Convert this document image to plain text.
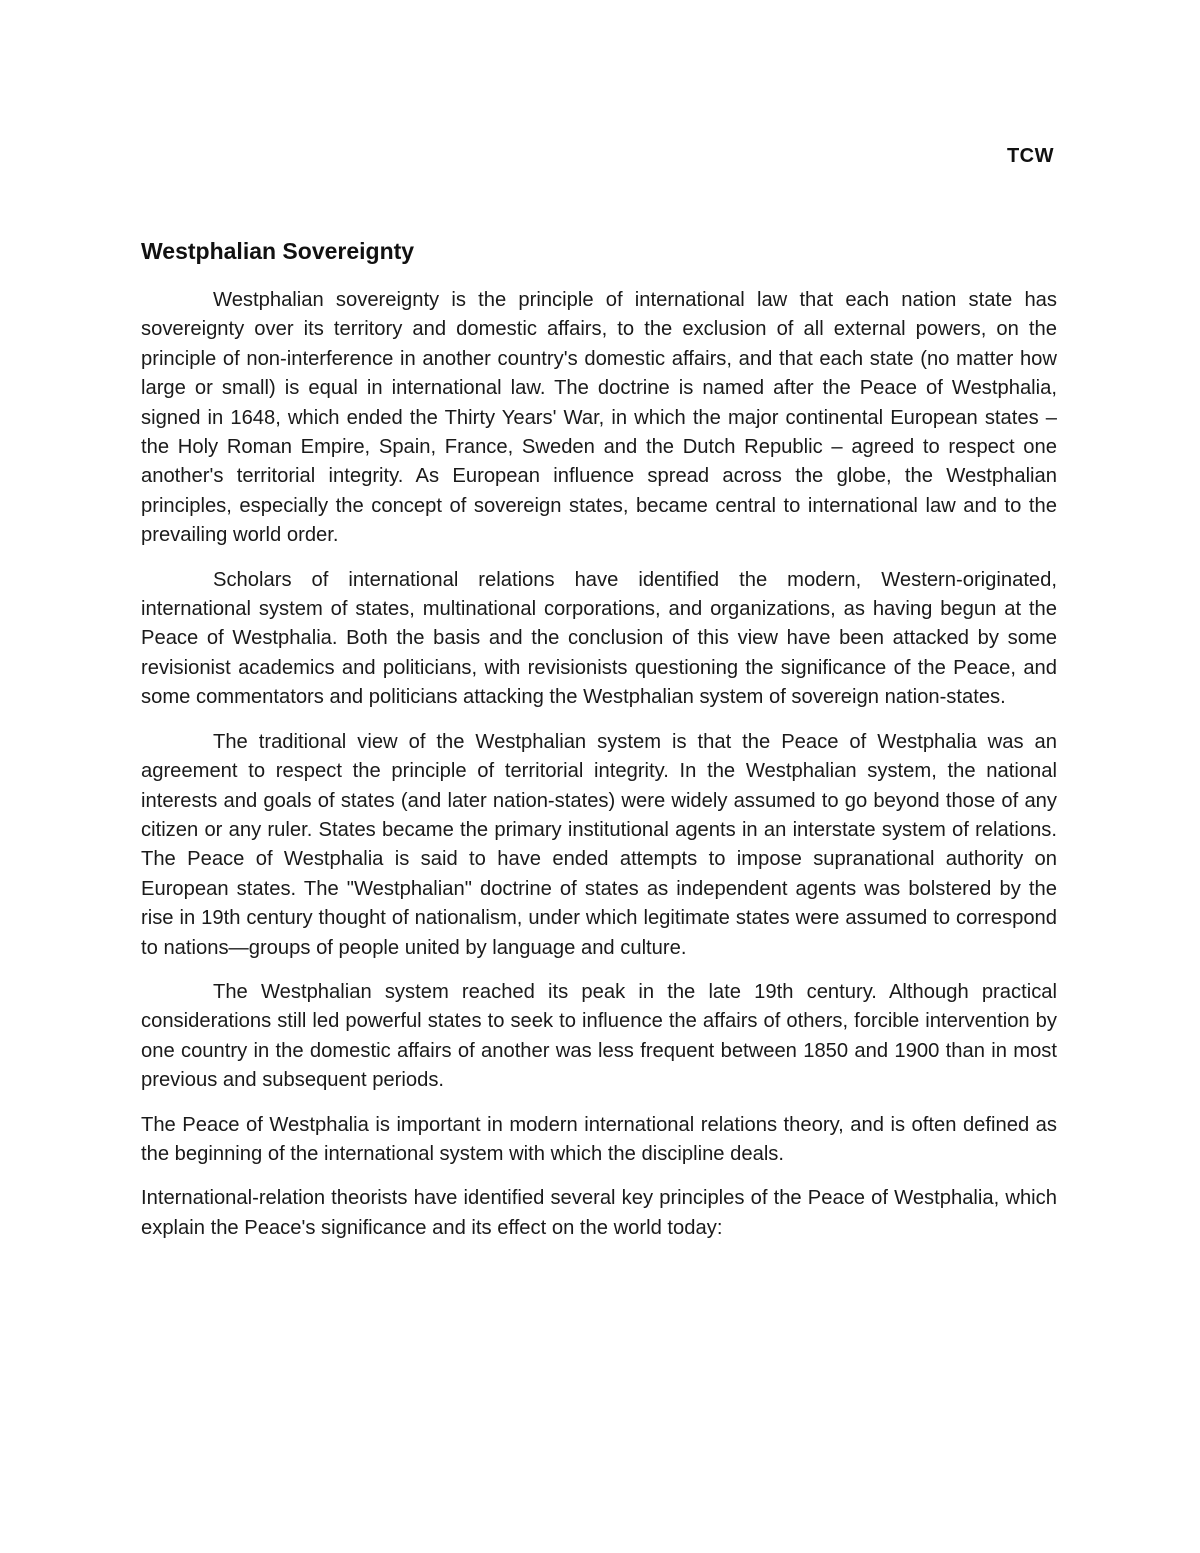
TCW
Westphalian Sovereignty

Westphalian sovereignty is the principle of international law that each nation state has sovereignty over its territory and domestic affairs, to the exclusion of all external powers, on the principle of non-interference in another country's domestic affairs, and that each state (no matter how large or small) is equal in international law. The doctrine is named after the Peace of Westphalia, signed in 1648, which ended the Thirty Years' War, in which the major continental European states – the Holy Roman Empire, Spain, France, Sweden and the Dutch Republic – agreed to respect one another's territorial integrity. As European influence spread across the globe, the Westphalian principles, especially the concept of sovereign states, became central to international law and to the prevailing world order.

Scholars of international relations have identified the modern, Western-originated, international system of states, multinational corporations, and organizations, as having begun at the Peace of Westphalia. Both the basis and the conclusion of this view have been attacked by some revisionist academics and politicians, with revisionists questioning the significance of the Peace, and some commentators and politicians attacking the Westphalian system of sovereign nation-states.

The traditional view of the Westphalian system is that the Peace of Westphalia was an agreement to respect the principle of territorial integrity. In the Westphalian system, the national interests and goals of states (and later nation-states) were widely assumed to go beyond those of any citizen or any ruler. States became the primary institutional agents in an interstate system of relations. The Peace of Westphalia is said to have ended attempts to impose supranational authority on European states. The "Westphalian" doctrine of states as independent agents was bolstered by the rise in 19th century thought of nationalism, under which legitimate states were assumed to correspond to nations—groups of people united by language and culture.

The Westphalian system reached its peak in the late 19th century. Although practical considerations still led powerful states to seek to influence the affairs of others, forcible intervention by one country in the domestic affairs of another was less frequent between 1850 and 1900 than in most previous and subsequent periods.

The Peace of Westphalia is important in modern international relations theory, and is often defined as the beginning of the international system with which the discipline deals.

International-relation theorists have identified several key principles of the Peace of Westphalia, which explain the Peace's significance and its effect on the world today:
